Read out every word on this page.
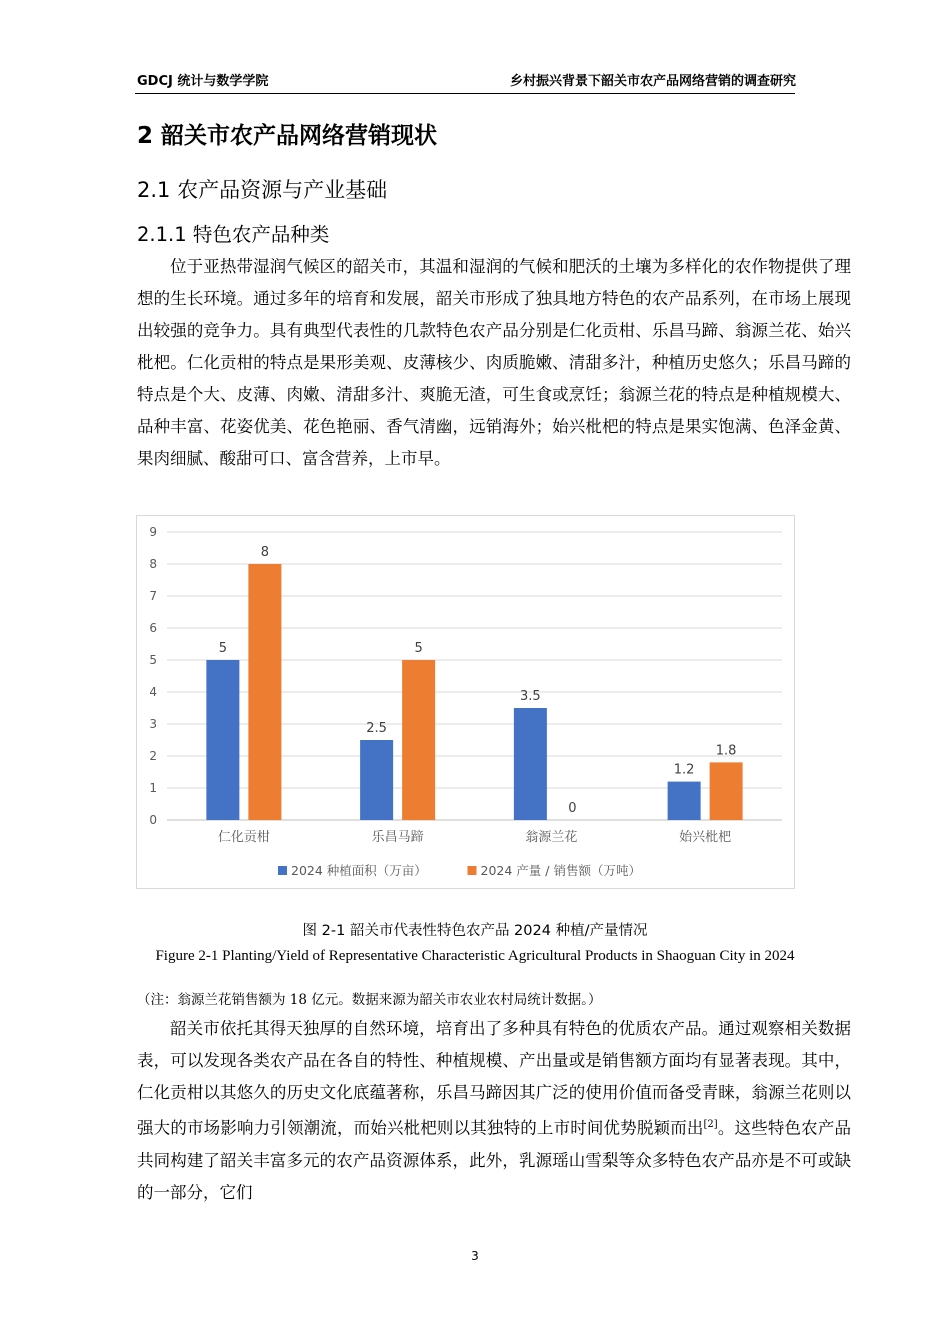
GDCJ 统计与数学学院	乡村振兴背景下韶关市农产品网络营销的调查研究
2 韶关市农产品网络营销现状
2.1 农产品资源与产业基础
2.1.1 特色农产品种类

位于亚热带湿润气候区的韶关市，其温和湿润的气候和肥沃的土壤为多样化的农作物提供了理想的生长环境。通过多年的培育和发展，韶关市形成了独具地方特色的农产品系列，在市场上展现出较强的竞争力。具有典型代表性的几款特色农产品分别是仁化贡柑、乐昌马蹄、翁源兰花、始兴枇杷。仁化贡柑的特点是果形美观、皮薄核少、肉质脆嫩、清甜多汁，种植历史悠久；乐昌马蹄的特点是个大、皮薄、肉嫩、清甜多汁、爽脆无渣，可生食或烹饪；翁源兰花的特点是种植规模大、品种丰富、花姿优美、花色艳丽、香气清幽，远销海外；始兴枇杷的特点是果实饱满、色泽金黄、果肉细腻、酸甜可口、富含营养，上市早。

0
1
2
3
4
5
6
7
8
9
5
8
仁化贡柑
2.5
5
乐昌马蹄
3.5
0
翁源兰花
1.2
1.8
始兴枇杷
2024 种植面积（万亩）	2024 产量 / 销售额（万吨）
图 2-1 韶关市代表性特色农产品 2024 种植/产量情况
Figure 2-1 Planting/Yield of Representative Characteristic Agricultural Products in Shaoguan City in 2024
（注：翁源兰花销售额为 18 亿元。数据来源为韶关市农业农村局统计数据。）

韶关市依托其得天独厚的自然环境，培育出了多种具有特色的优质农产品。通过观察相关数据表，可以发现各类农产品在各自的特性、种植规模、产出量或是销售额方面均有显著表现。其中，仁化贡柑以其悠久的历史文化底蕴著称，乐昌马蹄因其广泛的使用价值而备受青睐，翁源兰花则以强大的市场影响力引领潮流，而始兴枇杷则以其独特的上市时间优势脱颖而出[2]。这些特色农产品共同构建了韶关丰富多元的农产品资源体系，此外，乳源瑶山雪梨等众多特色农产品亦是不可或缺的一部分，它们

3
